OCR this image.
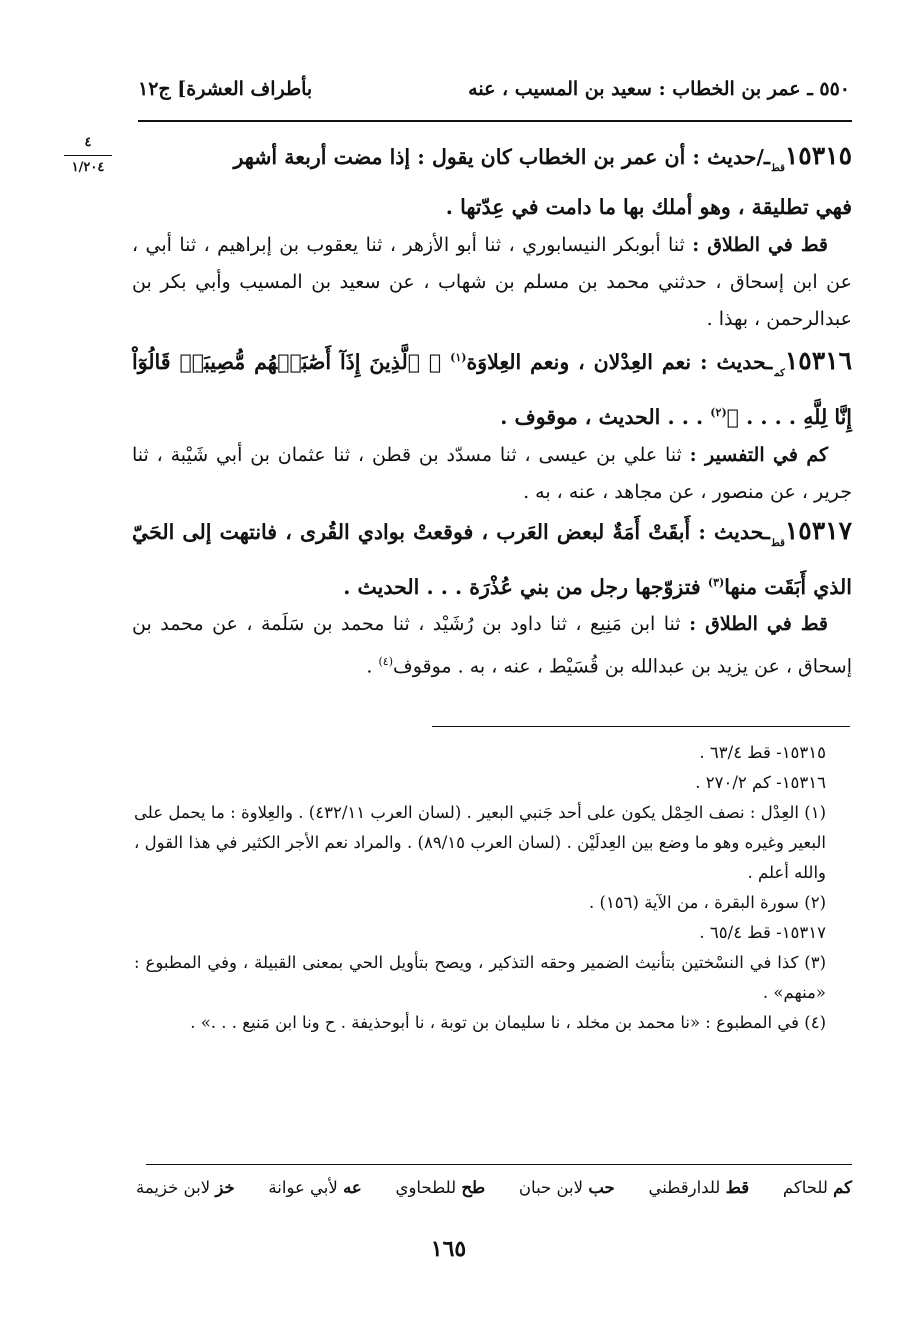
بأطراف العشرة] ج١٢	٥٥٠ ـ عمر بن الخطاب : سعيد بن المسيب ، عنه
٤
١/٢٠٤	$١٥٣١٥_{قط}ـ$/حديث : أن عمر بن الخطاب كان يقول : إذا مضت أربعة أشهر

فهي تطليقة ، وهو أملك بها ما دامت في عِدّتها .

قط في الطلاق : ثنا أبوبكر النيسابوري ، ثنا أبو الأزهر ، ثنا يعقوب بن إبراهيم ، ثنا أبي ، عن ابن إسحاق ، حدثني محمد بن مسلم بن شهاب ، عن سعيد بن المسيب وأبي بكر بن عبدالرحمن ، بهذا .

$١٥٣١٦_{كم}ـحديث$ : نعم العِدْلان ، ونعم العِلاوَة$^{(١)}$ ﴿ ٱلَّذِينَ إِذَآ أَصَٰبَتۡهُم مُّصِيبَةٞ قَالُوٓاْ إِنَّا لِلَّهِ . . . . ﴾$^{(٢)}$ . . . الحديث ، موقوف .

كم في التفسير : ثنا علي بن عيسى ، ثنا مسدّد بن قطن ، ثنا عثمان بن أبي شَيْبة ، ثنا جرير ، عن منصور ، عن مجاهد ، عنه ، به .

$١٥٣١٧_{قط}ـحديث$ : أَبقَتْ أَمَةٌ لبعض العَرب ، فوقعتْ بوادي القُرى ، فانتهت إلى الحَيّ الذي أَبَقَت منها$^{(٣)}$ فتزوّجها رجل من بني عُذْرَة . . . الحديث .

قط في الطلاق : ثنا ابن مَنِيع ، ثنا داود بن رُشَيْد ، ثنا محمد بن سَلَمة ، عن محمد بن إسحاق ، عن يزيد بن عبدالله بن قُسَيْط ، عنه ، به . موقوف$^{(٤)}$ .

١٥٣١٥- قط ٦٣/٤ .

١٥٣١٦- كم ٢٧٠/٢ .

(١) العِدْل : نصف الحِمْل يكون على أحد جَنبي البعير . (لسان العرب ٤٣٢/١١) . والعِلاوة : ما يحمل على البعير وغيره وهو ما وضع بين العِدلَيْن . (لسان العرب ٨٩/١٥) . والمراد نعم الأجر الكثير في هذا القول ، والله أعلم .

(٢) سورة البقرة ، من الآية (١٥٦) .

١٥٣١٧- قط ٦٥/٤ .

(٣) كذا في النسْختين بتأنيث الضمير وحقه التذكير ، ويصح بتأويل الحي بمعنى القبيلة ، وفي المطبوع : «منهم» .

(٤) في المطبوع : «نا محمد بن مخلد ، نا سليمان بن توبة ، نا أبوحذيفة . ح ونا ابن مَنيع . . .» .

خز لابن خزيمة	عه لأبي عوانة	طح للطحاوي	حب لابن حبان	قط للدارقطني	كم للحاكم
١٦٥
